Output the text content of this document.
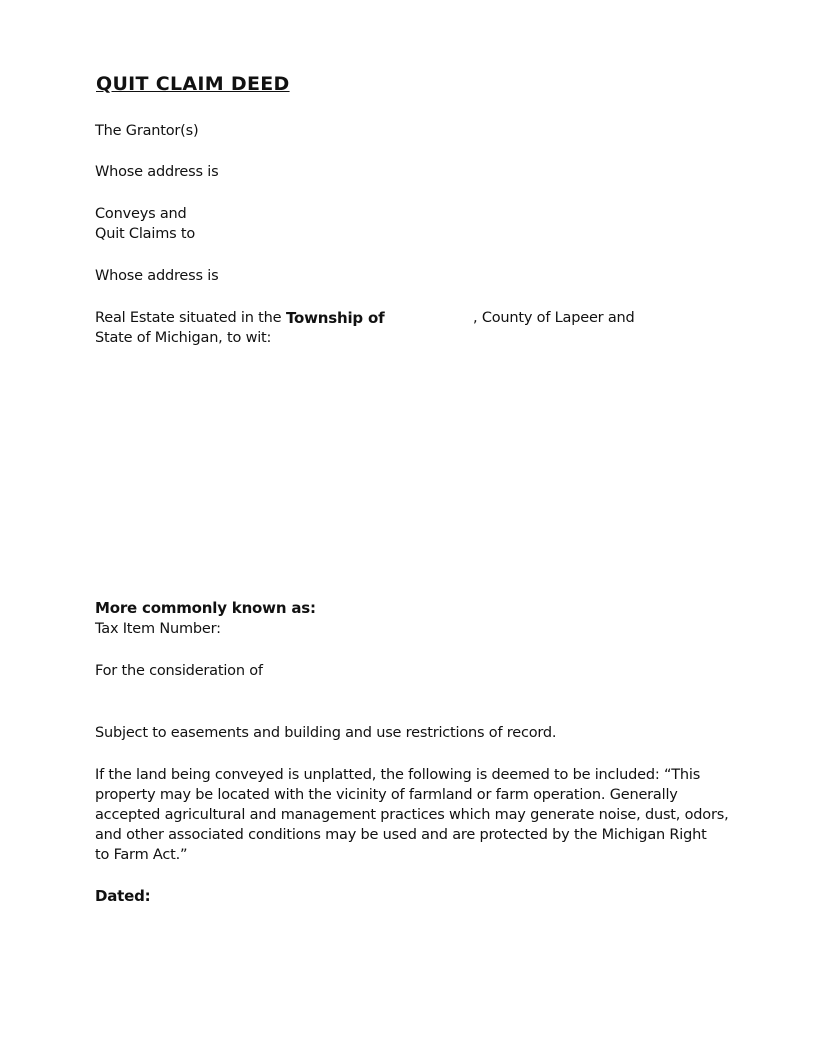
QUIT CLAIM DEED
The Grantor(s)
Whose address is
Conveys and
Quit Claims to
Whose address is
Real Estate situated in the Township of	, County of Lapeer and
State of Michigan, to wit:
More commonly known as:
Tax Item Number:
For the consideration of
Subject to easements and building and use restrictions of record.
If the land being conveyed is unplatted, the following is deemed to be included: “This
property may be located with the vicinity of farmland or farm operation. Generally
accepted agricultural and management practices which may generate noise, dust, odors,
and other associated conditions may be used and are protected by the Michigan Right
to Farm Act.”
Dated:
